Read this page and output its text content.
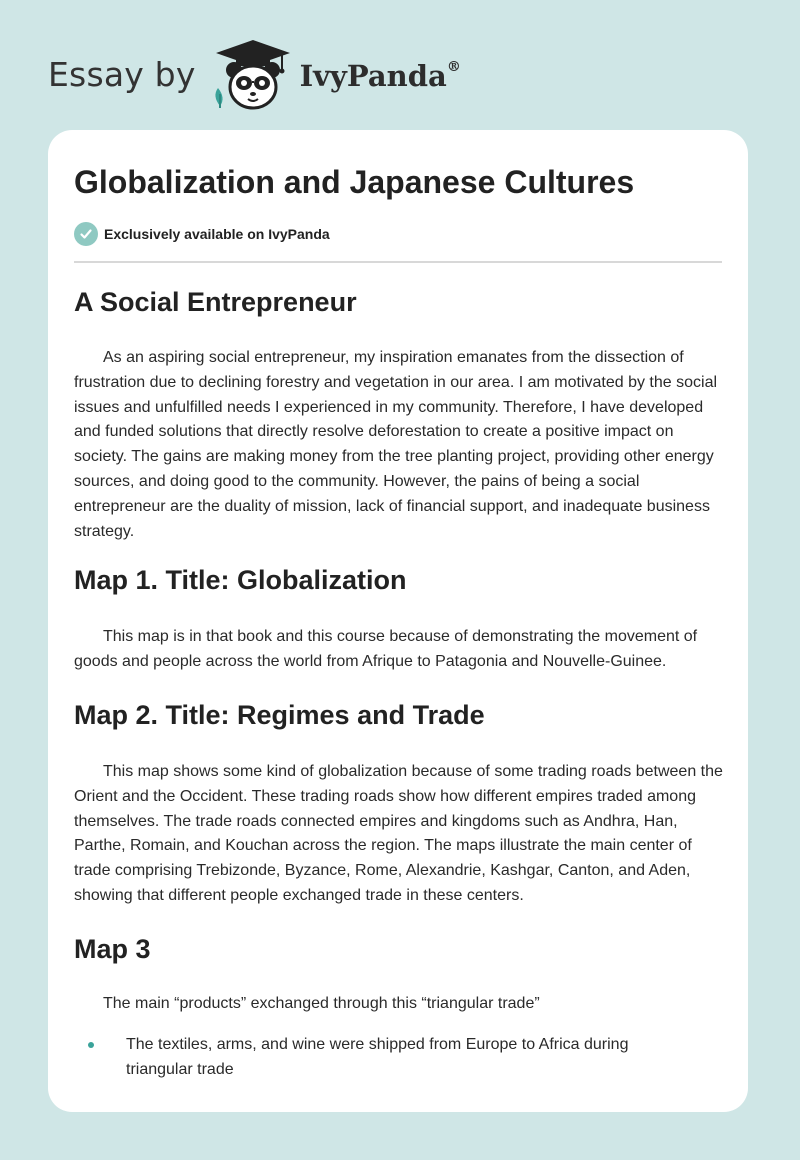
Essay by	IvyPanda®
Globalization and Japanese Cultures
Exclusively available on IvyPanda
A Social Entrepreneur

As an aspiring social entrepreneur, my inspiration emanates from the dissection of frustration due to declining forestry and vegetation in our area. I am motivated by the social issues and unfulfilled needs I experienced in my community. Therefore, I have developed and funded solutions that directly resolve deforestation to create a positive impact on society. The gains are making money from the tree planting project, providing other energy sources, and doing good to the community. However, the pains of being a social entrepreneur are the duality of mission, lack of financial support, and inadequate business strategy.

Map 1. Title: Globalization

This map is in that book and this course because of demonstrating the movement of goods and people across the world from Afrique to Patagonia and Nouvelle-Guinee.

Map 2. Title: Regimes and Trade

This map shows some kind of globalization because of some trading roads between the Orient and the Occident. These trading roads show how different empires traded among themselves. The trade roads connected empires and kingdoms such as Andhra, Han, Parthe, Romain, and Kouchan across the region. The maps illustrate the main center of trade comprising Trebizonde, Byzance, Rome, Alexandrie, Kashgar, Canton, and Aden, showing that different people exchanged trade in these centers.

Map 3

The main “products” exchanged through this “triangular trade”

The textiles, arms, and wine were shipped from Europe to Africa during triangular trade
